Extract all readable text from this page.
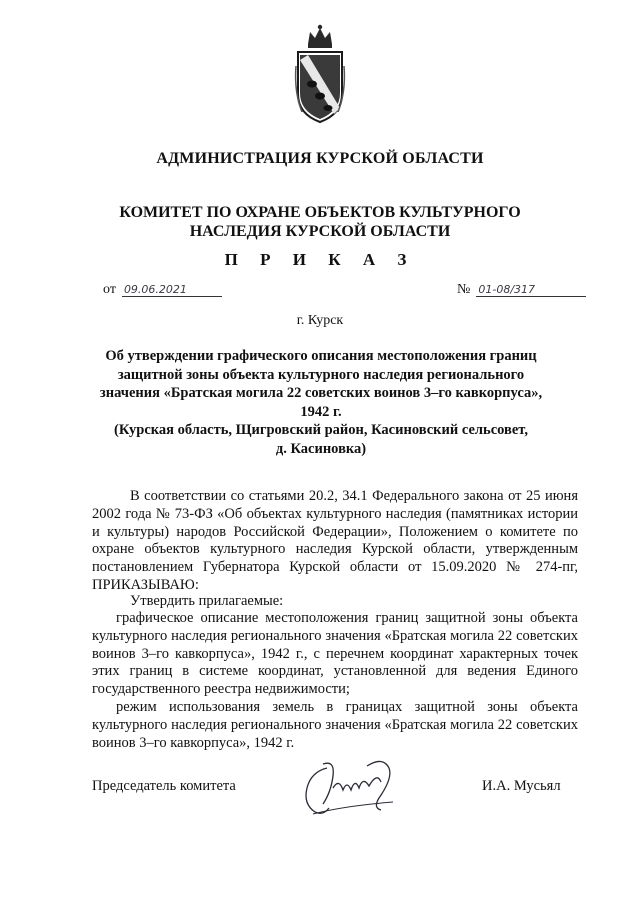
АДМИНИСТРАЦИЯ КУРСКОЙ ОБЛАСТИ
КОМИТЕТ ПО ОХРАНЕ ОБЪЕКТОВ КУЛЬТУРНОГО НАСЛЕДИЯ КУРСКОЙ ОБЛАСТИ
П Р И К А З
от 09.06.2021	№ 01-08/317
г. Курск
Об утверждении графического описания местоположения границ
защитной зоны объекта культурного наследия регионального
значения «Братская могила 22 советских воинов 3–го кавкорпуса»,
1942 г.
(Курская область, Щигровский район, Касиновский сельсовет,
д. Касиновка)

В соответствии со статьями 20.2, 34.1 Федерального закона от 25 июня 2002 года № 73-ФЗ «Об объектах культурного наследия (памятниках истории и культуры) народов Российской Федерации», Положением о комитете по охране объектов культурного наследия Курской области, утвержденным постановлением Губернатора Курской области от 15.09.2020 № 274-пг, ПРИКАЗЫВАЮ:

Утвердить прилагаемые:

графическое описание местоположения границ защитной зоны объекта культурного наследия регионального значения «Братская могила 22 советских воинов 3–го кавкорпуса», 1942 г., с перечнем координат характерных точек этих границ в системе координат, установленной для ведения Единого государственного реестра недвижимости;

режим использования земель в границах защитной зоны объекта культурного наследия регионального значения «Братская могила 22 советских воинов 3–го кавкорпуса», 1942 г.

Председатель комитета	И.А. Мусьял
